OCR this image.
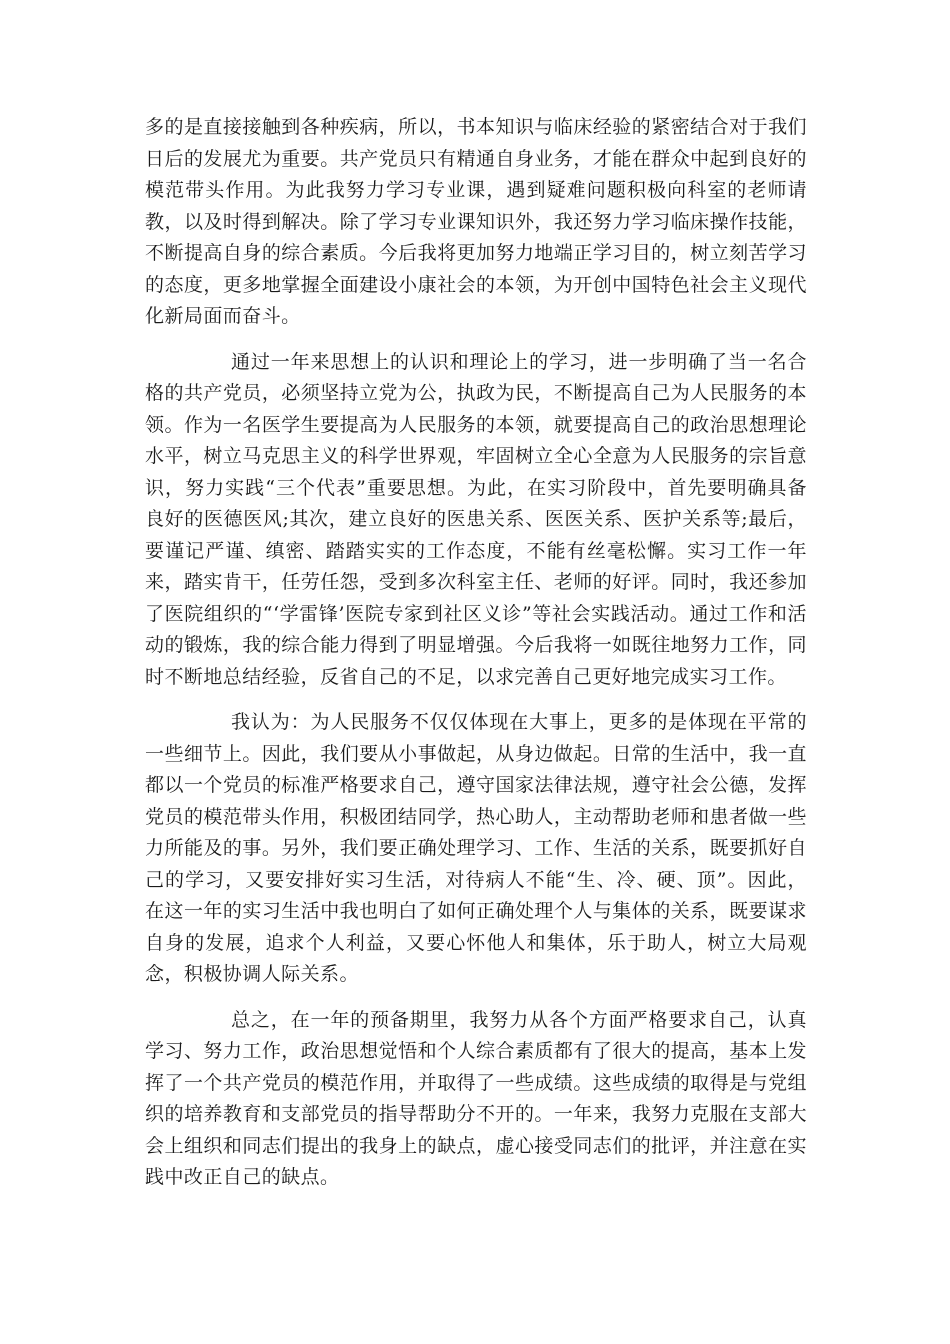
多的是直接接触到各种疾病，所以，书本知识与临床经验的紧密结合对于我们日后的发展尤为重要。共产党员只有精通自身业务，才能在群众中起到良好的模范带头作用。为此我努力学习专业课，遇到疑难问题积极向科室的老师请教，以及时得到解决。除了学习专业课知识外，我还努力学习临床操作技能，不断提高自身的综合素质。今后我将更加努力地端正学习目的，树立刻苦学习的态度，更多地掌握全面建设小康社会的本领，为开创中国特色社会主义现代化新局面而奋斗。

通过一年来思想上的认识和理论上的学习，进一步明确了当一名合格的共产党员，必须坚持立党为公，执政为民，不断提高自己为人民服务的本领。作为一名医学生要提高为人民服务的本领，就要提高自己的政治思想理论水平，树立马克思主义的科学世界观，牢固树立全心全意为人民服务的宗旨意识，努力实践“三个代表”重要思想。为此，在实习阶段中，首先要明确具备良好的医德医风;其次，建立良好的医患关系、医医关系、医护关系等;最后，要谨记严谨、缜密、踏踏实实的工作态度，不能有丝毫松懈。实习工作一年来，踏实肯干，任劳任怨，受到多次科室主任、老师的好评。同时，我还参加了医院组织的“‘学雷锋’医院专家到社区义诊”等社会实践活动。通过工作和活动的锻炼，我的综合能力得到了明显增强。今后我将一如既往地努力工作，同时不断地总结经验，反省自己的不足，以求完善自己更好地完成实习工作。

我认为：为人民服务不仅仅体现在大事上，更多的是体现在平常的一些细节上。因此，我们要从小事做起，从身边做起。日常的生活中，我一直都以一个党员的标准严格要求自己，遵守国家法律法规，遵守社会公德，发挥党员的模范带头作用，积极团结同学，热心助人，主动帮助老师和患者做一些力所能及的事。另外，我们要正确处理学习、工作、生活的关系，既要抓好自己的学习，又要安排好实习生活，对待病人不能“生、冷、硬、顶”。因此，在这一年的实习生活中我也明白了如何正确处理个人与集体的关系，既要谋求自身的发展，追求个人利益，又要心怀他人和集体，乐于助人，树立大局观念，积极协调人际关系。

总之，在一年的预备期里，我努力从各个方面严格要求自己，认真学习、努力工作，政治思想觉悟和个人综合素质都有了很大的提高，基本上发挥了一个共产党员的模范作用，并取得了一些成绩。这些成绩的取得是与党组织的培养教育和支部党员的指导帮助分不开的。一年来，我努力克服在支部大会上组织和同志们提出的我身上的缺点，虚心接受同志们的批评，并注意在实践中改正自己的缺点。
